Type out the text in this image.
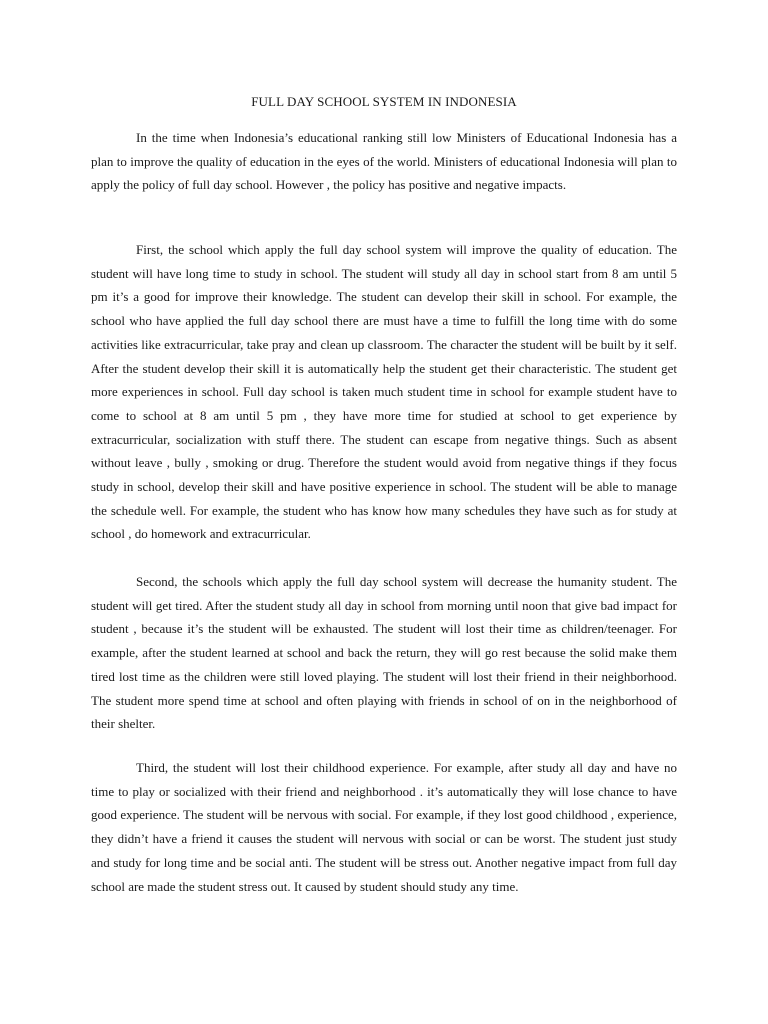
FULL DAY SCHOOL SYSTEM IN INDONESIA

In the time when Indonesia’s educational ranking still low Ministers of Educational Indonesia has a plan to improve the quality of education in the eyes of the world. Ministers of educational Indonesia will plan to apply the policy of full day school. However , the policy has positive and negative impacts.

First, the school which apply the full day school system will improve the quality of education. The student will have long time to study in school. The student will study all day in school start from 8 am until 5 pm it’s a good for improve their knowledge. The student can develop their skill in school. For example, the school who have applied the full day school there are must have a time to fulfill the long time with do some activities like extracurricular, take pray and clean up classroom. The character the student will be built by it self. After the student develop their skill it is automatically help the student get their characteristic. The student get more experiences in school. Full day school is taken much student time in school for example student have to come to school at 8 am until 5 pm , they have more time for studied at school to get experience by extracurricular, socialization with stuff there. The student can escape from negative things. Such as absent without leave , bully , smoking or drug. Therefore the student would avoid from negative things if they focus study in school, develop their skill and have positive experience in school. The student will be able to manage the schedule well. For example, the student who has know how many schedules they have such as for study at school , do homework and extracurricular.

Second, the schools which apply the full day school system will decrease the humanity student. The student will get tired. After the student study all day in school from morning until noon that give bad impact for student , because it’s the student will be exhausted. The student will lost their time as children/teenager. For example, after the student learned at school and back the return, they will go rest because the solid make them tired lost time as the children were still loved playing. The student will lost their friend in their neighborhood. The student more spend time at school and often playing with friends in school of on in the neighborhood of their shelter.

Third, the student will lost their childhood experience. For example, after study all day and have no time to play or socialized with their friend and neighborhood . it’s automatically they will lose chance to have good experience. The student will be nervous with social. For example, if they lost good childhood , experience, they didn’t have a friend it causes the student will nervous with social or can be worst. The student just study and study for long time and be social anti. The student will be stress out. Another negative impact from full day school are made the student stress out. It caused by student should study any time.
